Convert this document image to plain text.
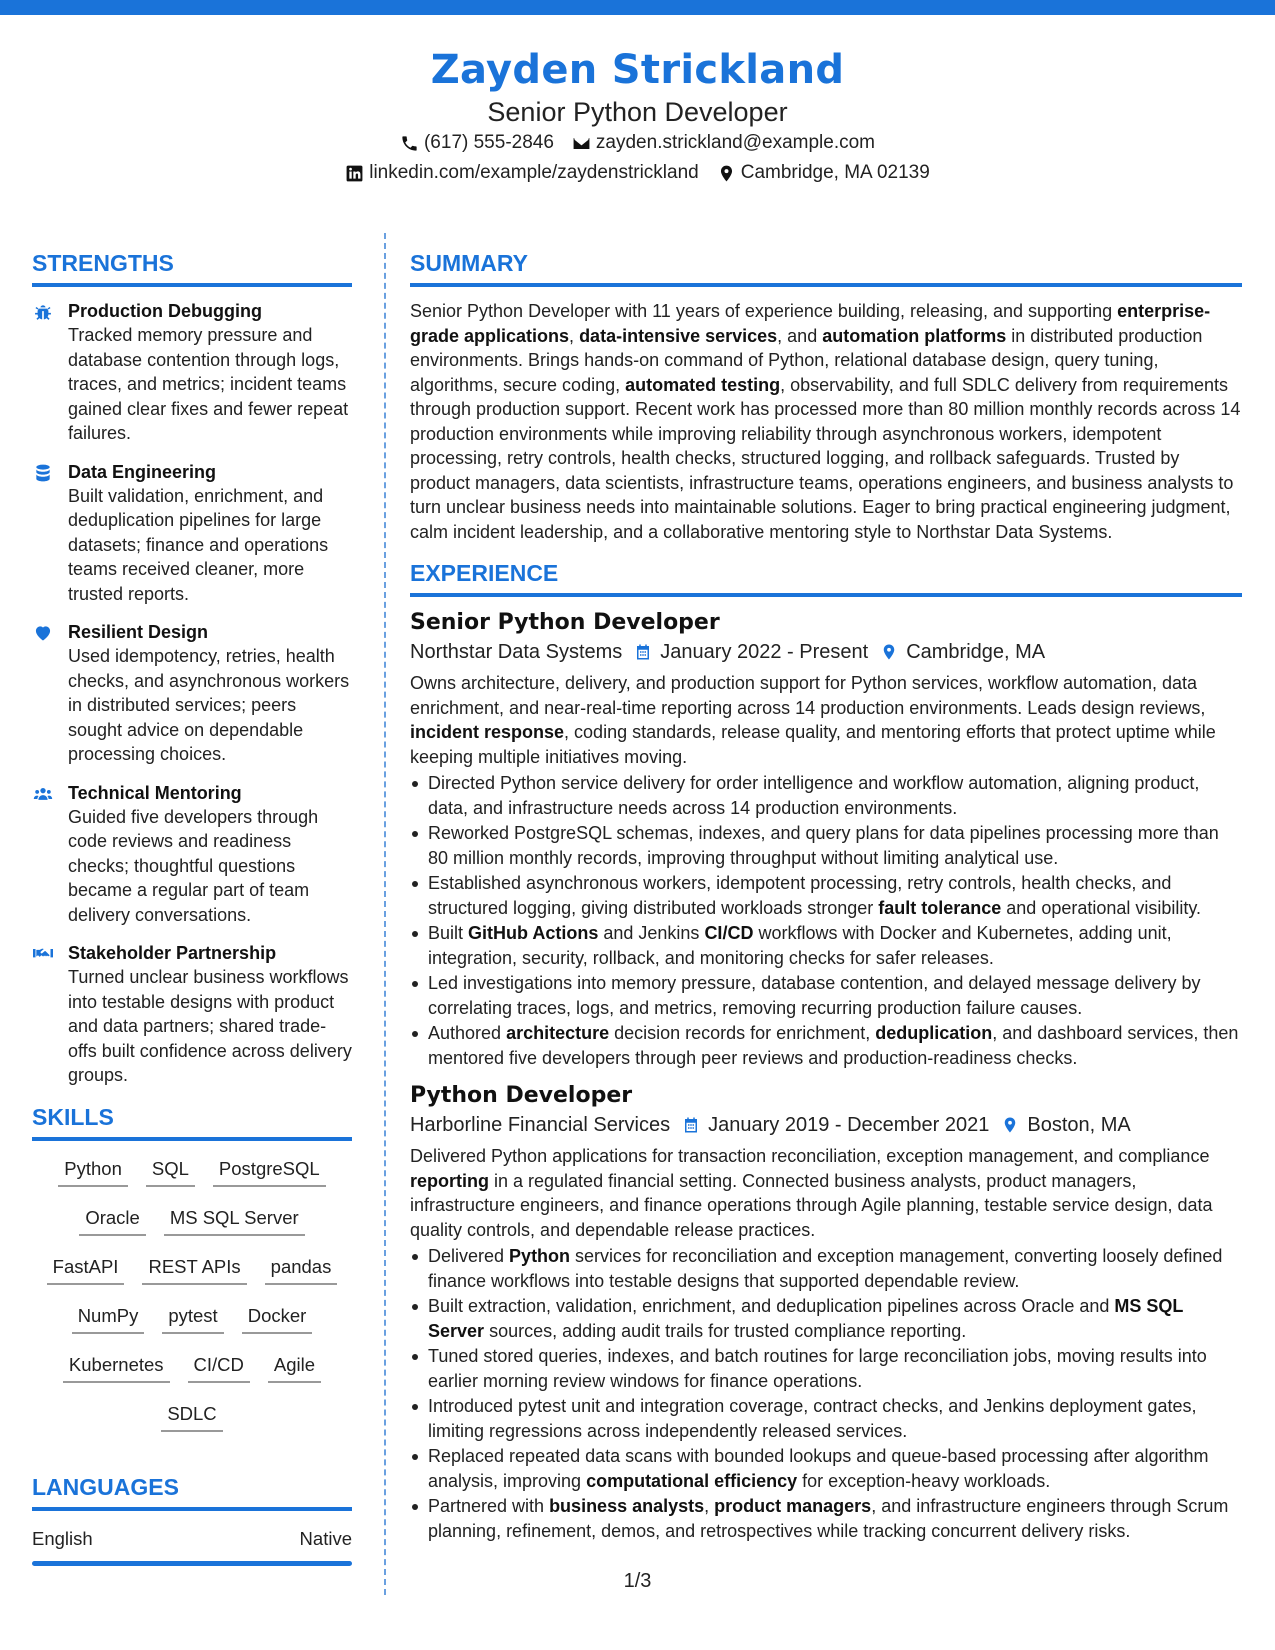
Zayden Strickland
Senior Python Developer
(617) 555-2846 zayden.strickland@example.com
linkedin.com/example/zaydenstrickland Cambridge, MA 02139
STRENGTHS
Production Debugging
Tracked memory pressure and database contention through logs, traces, and metrics; incident teams gained clear fixes and fewer repeat failures.
Data Engineering
Built validation, enrichment, and deduplication pipelines for large datasets; finance and operations teams received cleaner, more trusted reports.
Resilient Design
Used idempotency, retries, health checks, and asynchronous workers in distributed services; peers sought advice on dependable processing choices.
Technical Mentoring
Guided five developers through code reviews and readiness checks; thoughtful questions became a regular part of team delivery conversations.
Stakeholder Partnership
Turned unclear business workflows into testable designs with product and data partners; shared trade-offs built confidence across delivery groups.
SKILLS
Python	SQL	PostgreSQL
Oracle	MS SQL Server
FastAPI	REST APIs	pandas
NumPy	pytest	Docker
Kubernetes	CI/CD	Agile
SDLC
LANGUAGES
English	Native
SUMMARY
Senior Python Developer with 11 years of experience building, releasing, and supporting enterprise-grade applications, data-intensive services, and automation platforms in distributed production environments. Brings hands-on command of Python, relational database design, query tuning, algorithms, secure coding, automated testing, observability, and full SDLC delivery from requirements through production support. Recent work has processed more than 80 million monthly records across 14 production environments while improving reliability through asynchronous workers, idempotent processing, retry controls, health checks, structured logging, and rollback safeguards. Trusted by product managers, data scientists, infrastructure teams, operations engineers, and business analysts to turn unclear business needs into maintainable solutions. Eager to bring practical engineering judgment, calm incident leadership, and a collaborative mentoring style to Northstar Data Systems.
EXPERIENCE
Senior Python Developer
Northstar Data Systems January 2022 - Present Cambridge, MA
Owns architecture, delivery, and production support for Python services, workflow automation, data enrichment, and near-real-time reporting across 14 production environments. Leads design reviews, incident response, coding standards, release quality, and mentoring efforts that protect uptime while keeping multiple initiatives moving.
Directed Python service delivery for order intelligence and workflow automation, aligning product, data, and infrastructure needs across 14 production environments.
Reworked PostgreSQL schemas, indexes, and query plans for data pipelines processing more than 80 million monthly records, improving throughput without limiting analytical use.
Established asynchronous workers, idempotent processing, retry controls, health checks, and structured logging, giving distributed workloads stronger fault tolerance and operational visibility.
Built GitHub Actions and Jenkins CI/CD workflows with Docker and Kubernetes, adding unit, integration, security, rollback, and monitoring checks for safer releases.
Led investigations into memory pressure, database contention, and delayed message delivery by correlating traces, logs, and metrics, removing recurring production failure causes.
Authored architecture decision records for enrichment, deduplication, and dashboard services, then mentored five developers through peer reviews and production-readiness checks.
Python Developer
Harborline Financial Services January 2019 - December 2021 Boston, MA
Delivered Python applications for transaction reconciliation, exception management, and compliance reporting in a regulated financial setting. Connected business analysts, product managers, infrastructure engineers, and finance operations through Agile planning, testable service design, data quality controls, and dependable release practices.
Delivered Python services for reconciliation and exception management, converting loosely defined finance workflows into testable designs that supported dependable review.
Built extraction, validation, enrichment, and deduplication pipelines across Oracle and MS SQL Server sources, adding audit trails for trusted compliance reporting.
Tuned stored queries, indexes, and batch routines for large reconciliation jobs, moving results into earlier morning review windows for finance operations.
Introduced pytest unit and integration coverage, contract checks, and Jenkins deployment gates, limiting regressions across independently released services.
Replaced repeated data scans with bounded lookups and queue-based processing after algorithm analysis, improving computational efficiency for exception-heavy workloads.
Partnered with business analysts, product managers, and infrastructure engineers through Scrum planning, refinement, demos, and retrospectives while tracking concurrent delivery risks.
1/3
